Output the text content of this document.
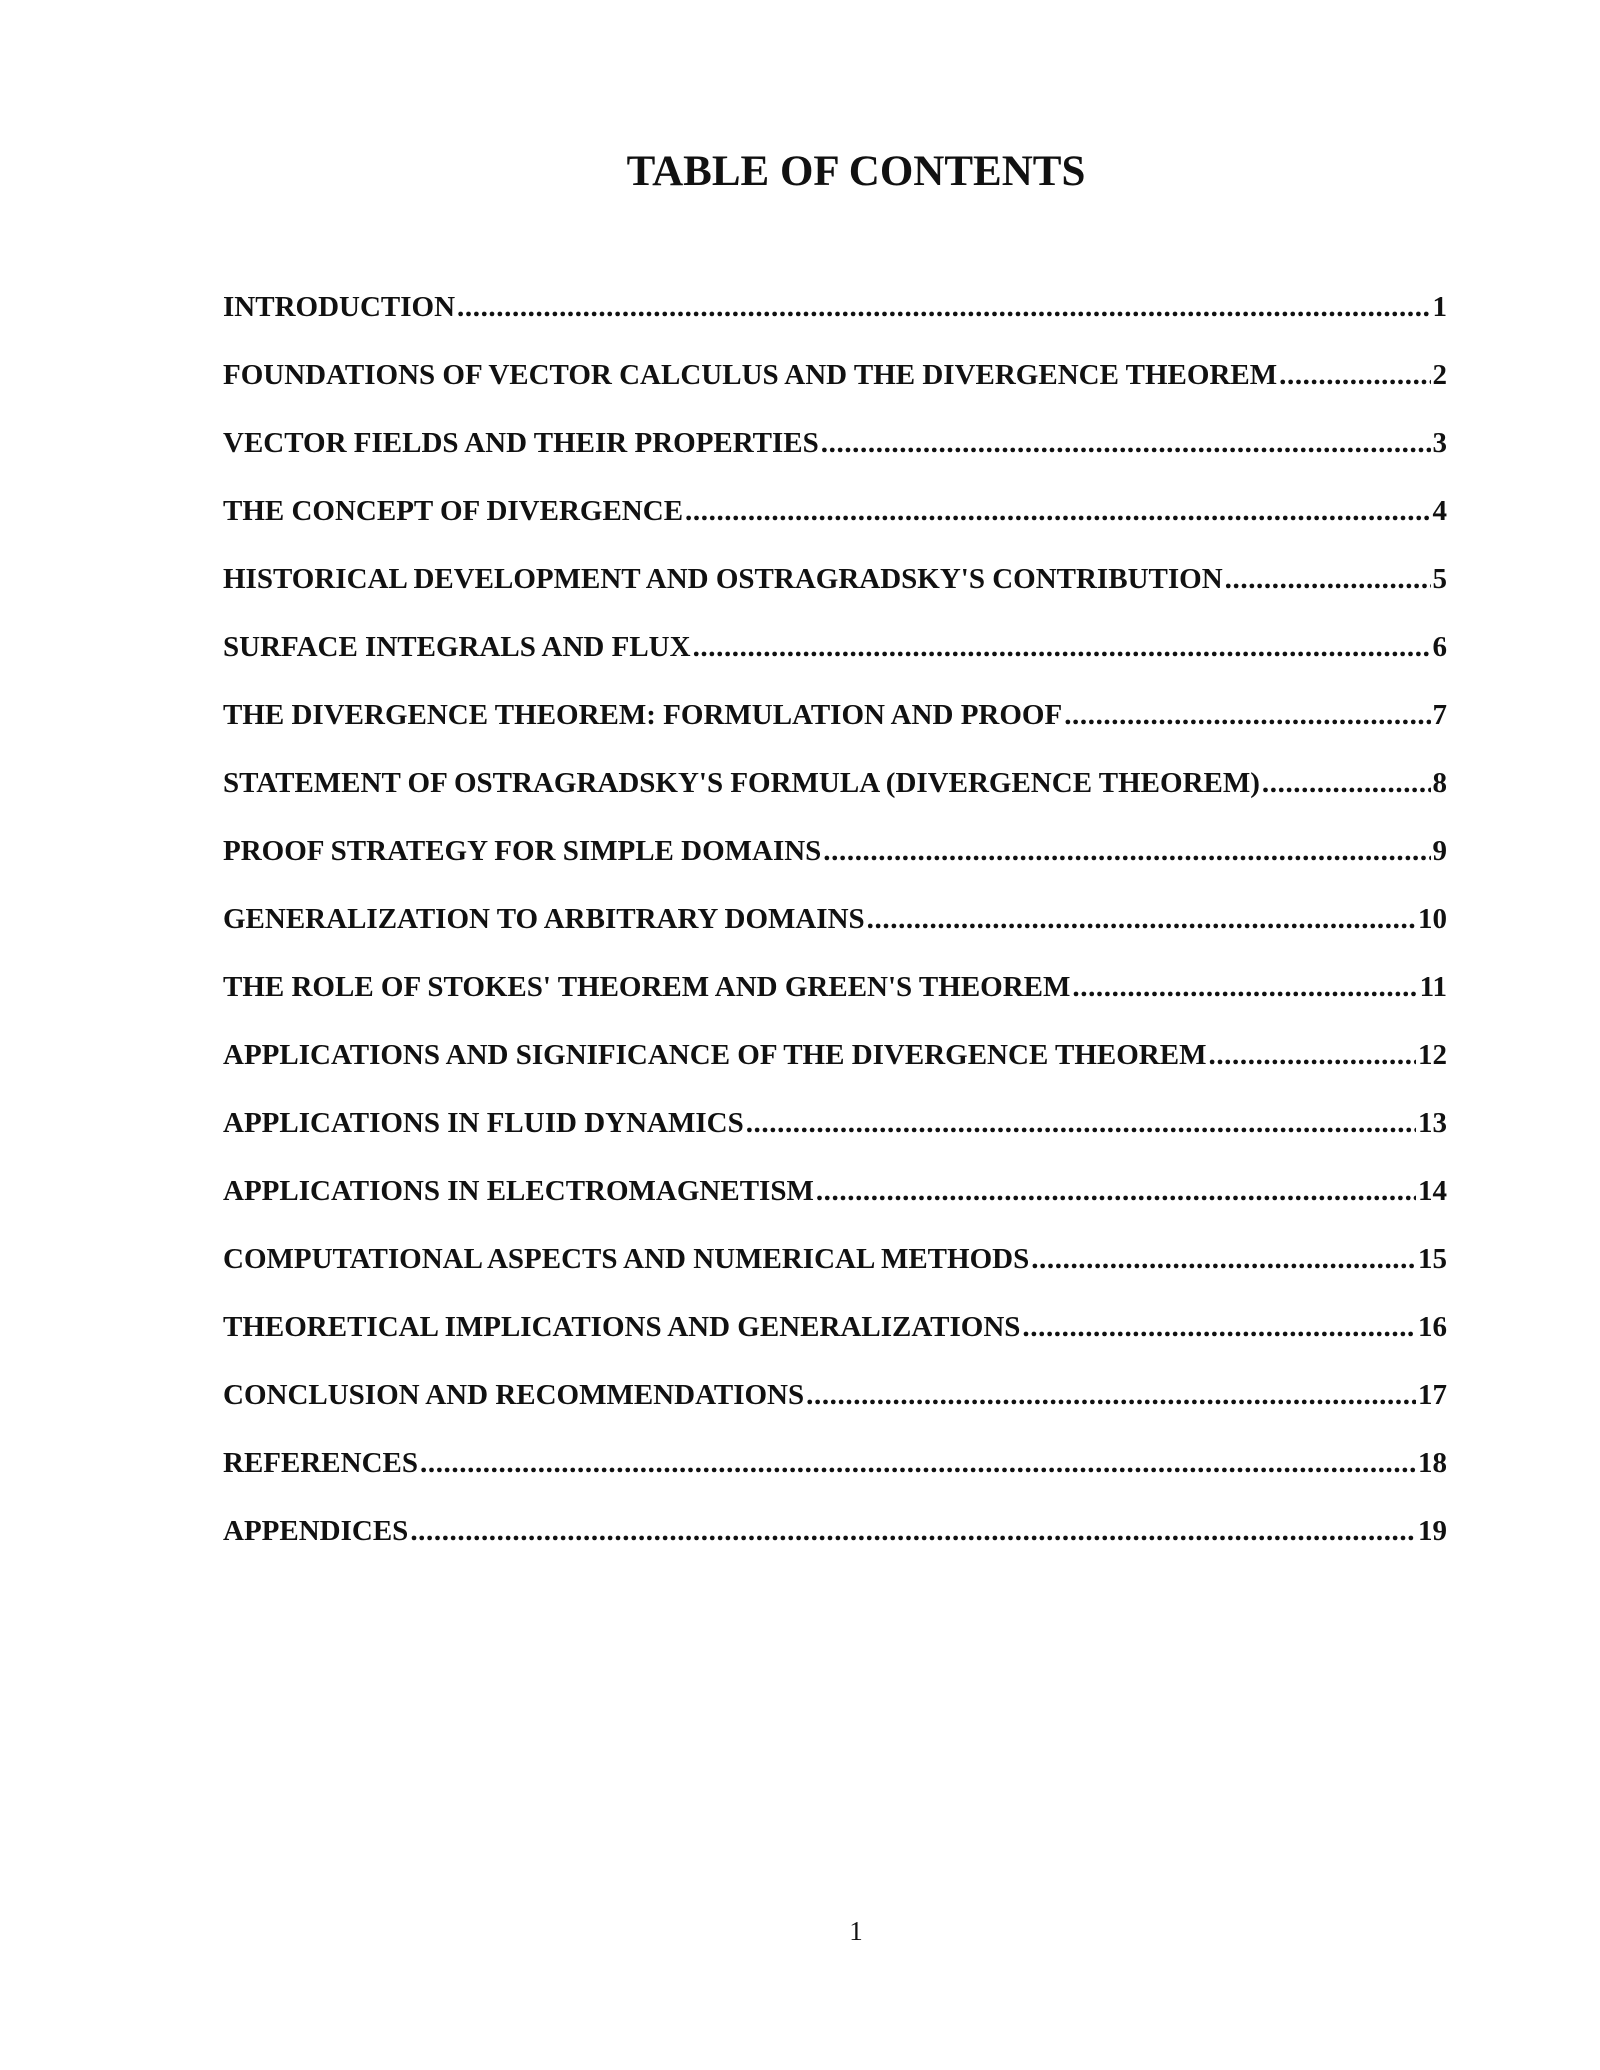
TABLE OF CONTENTS
INTRODUCTION .....	1
FOUNDATIONS OF VECTOR CALCULUS AND THE DIVERGENCE THEOREM .....	2
VECTOR FIELDS AND THEIR PROPERTIES .....	3
THE CONCEPT OF DIVERGENCE .....	4
HISTORICAL DEVELOPMENT AND OSTRAGRADSKY'S CONTRIBUTION .....	5
SURFACE INTEGRALS AND FLUX .....	6
THE DIVERGENCE THEOREM: FORMULATION AND PROOF .....	7
STATEMENT OF OSTRAGRADSKY'S FORMULA (DIVERGENCE THEOREM) .....	8
PROOF STRATEGY FOR SIMPLE DOMAINS .....	9
GENERALIZATION TO ARBITRARY DOMAINS .....	10
THE ROLE OF STOKES' THEOREM AND GREEN'S THEOREM .....	11
APPLICATIONS AND SIGNIFICANCE OF THE DIVERGENCE THEOREM .....	12
APPLICATIONS IN FLUID DYNAMICS .....	13
APPLICATIONS IN ELECTROMAGNETISM .....	14
COMPUTATIONAL ASPECTS AND NUMERICAL METHODS .....	15
THEORETICAL IMPLICATIONS AND GENERALIZATIONS .....	16
CONCLUSION AND RECOMMENDATIONS .....	17
REFERENCES .....	18
APPENDICES .....	19
1
